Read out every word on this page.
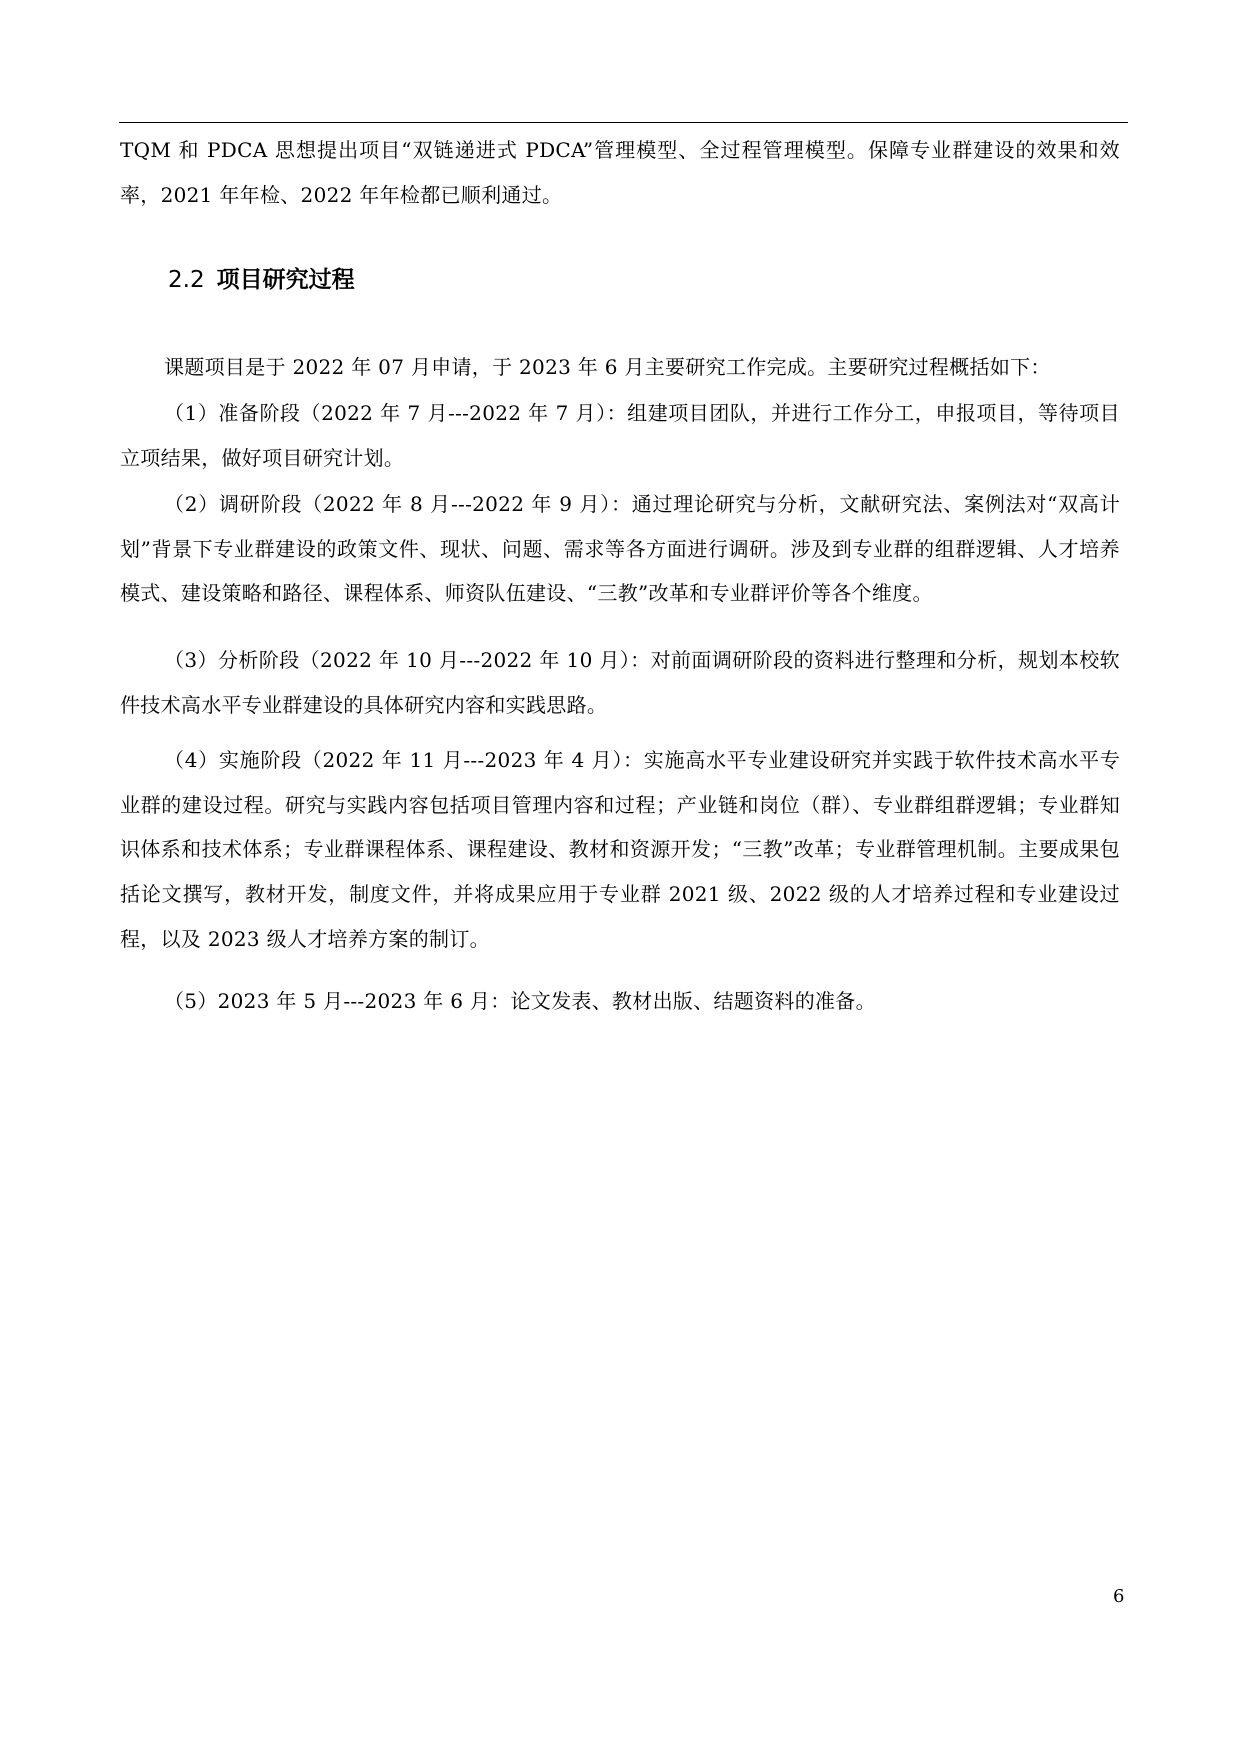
TQM 和 PDCA 思想提出项目“双链递进式 PDCA”管理模型、全过程管理模型。保障专业群建设的效果和效率，2021 年年检、2022 年年检都已顺利通过。

2.2 项目研究过程

课题项目是于 2022 年 07 月申请，于 2023 年 6 月主要研究工作完成。主要研究过程概括如下：

（1）准备阶段（2022 年 7 月---2022 年 7 月）：组建项目团队，并进行工作分工，申报项目，等待项目立项结果，做好项目研究计划。

（2）调研阶段（2022 年 8 月---2022 年 9 月）：通过理论研究与分析，文献研究法、案例法对“双高计划”背景下专业群建设的政策文件、现状、问题、需求等各方面进行调研。涉及到专业群的组群逻辑、人才培养模式、建设策略和路径、课程体系、师资队伍建设、“三教”改革和专业群评价等各个维度。

（3）分析阶段（2022 年 10 月---2022 年 10 月）：对前面调研阶段的资料进行整理和分析，规划本校软件技术高水平专业群建设的具体研究内容和实践思路。

（4）实施阶段（2022 年 11 月---2023 年 4 月）：实施高水平专业建设研究并实践于软件技术高水平专业群的建设过程。研究与实践内容包括项目管理内容和过程；产业链和岗位（群）、专业群组群逻辑；专业群知识体系和技术体系；专业群课程体系、课程建设、教材和资源开发；“三教”改革；专业群管理机制。主要成果包括论文撰写，教材开发，制度文件，并将成果应用于专业群 2021 级、2022 级的人才培养过程和专业建设过程，以及 2023 级人才培养方案的制订。

（5）2023 年 5 月---2023 年 6 月：论文发表、教材出版、结题资料的准备。

6
